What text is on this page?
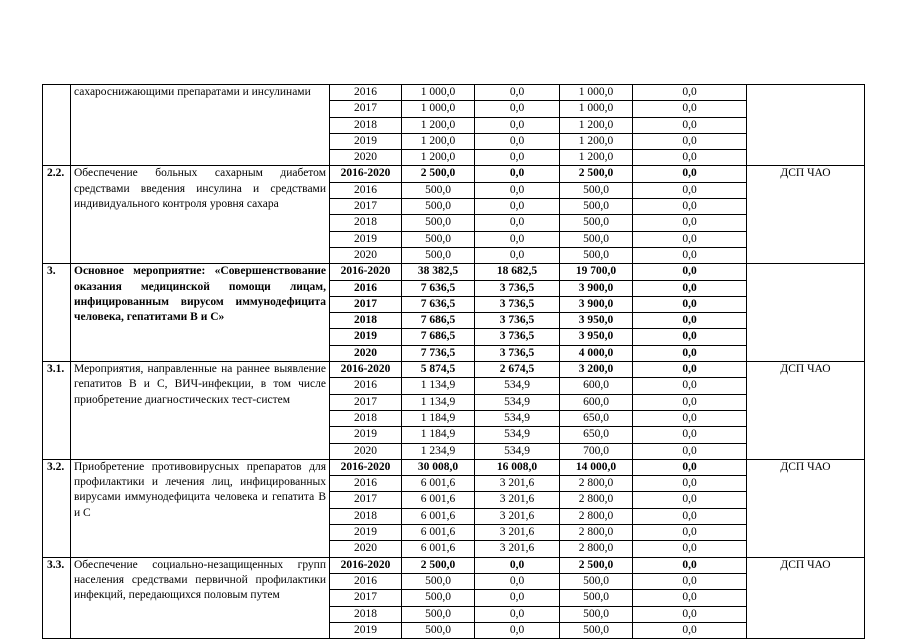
	сахароснижающими препаратами и инсулинами	2016	1 000,0	0,0	1 000,0	0,0	
		2017	1 000,0	0,0	1 000,0	0,0	
		2018	1 200,0	0,0	1 200,0	0,0	
		2019	1 200,0	0,0	1 200,0	0,0	
		2020	1 200,0	0,0	1 200,0	0,0	
2.2.	Обеспечение больных сахарным диабетом средствами введения инсулина и средствами индивидуального контроля уровня сахара	2016-2020	2 500,0	0,0	2 500,0	0,0	ДСП ЧАО
		2016	500,0	0,0	500,0	0,0	
		2017	500,0	0,0	500,0	0,0	
		2018	500,0	0,0	500,0	0,0	
		2019	500,0	0,0	500,0	0,0	
		2020	500,0	0,0	500,0	0,0	
3.	Основное мероприятие: «Совершенствование оказания медицинской помощи лицам, инфицированным вирусом иммунодефицита человека, гепатитами В и С»	2016-2020	38 382,5	18 682,5	19 700,0	0,0	
		2016	7 636,5	3 736,5	3 900,0	0,0	
		2017	7 636,5	3 736,5	3 900,0	0,0	
		2018	7 686,5	3 736,5	3 950,0	0,0	
		2019	7 686,5	3 736,5	3 950,0	0,0	
		2020	7 736,5	3 736,5	4 000,0	0,0	
3.1.	Мероприятия, направленные на раннее выявление гепатитов В и С, ВИЧ-инфекции, в том числе приобретение диагностических тест-систем	2016-2020	5 874,5	2 674,5	3 200,0	0,0	ДСП ЧАО
		2016	1 134,9	534,9	600,0	0,0	
		2017	1 134,9	534,9	600,0	0,0	
		2018	1 184,9	534,9	650,0	0,0	
		2019	1 184,9	534,9	650,0	0,0	
		2020	1 234,9	534,9	700,0	0,0	
3.2.	Приобретение противовирусных препаратов для профилактики и лечения лиц, инфицированных вирусами иммунодефицита человека и гепатита В и С	2016-2020	30 008,0	16 008,0	14 000,0	0,0	ДСП ЧАО
		2016	6 001,6	3 201,6	2 800,0	0,0	
		2017	6 001,6	3 201,6	2 800,0	0,0	
		2018	6 001,6	3 201,6	2 800,0	0,0	
		2019	6 001,6	3 201,6	2 800,0	0,0	
		2020	6 001,6	3 201,6	2 800,0	0,0	
3.3.	Обеспечение социально-незащищенных групп населения средствами первичной профилактики инфекций, передающихся половым путем	2016-2020	2 500,0	0,0	2 500,0	0,0	ДСП ЧАО
		2016	500,0	0,0	500,0	0,0	
		2017	500,0	0,0	500,0	0,0	
		2018	500,0	0,0	500,0	0,0	
		2019	500,0	0,0	500,0	0,0	
